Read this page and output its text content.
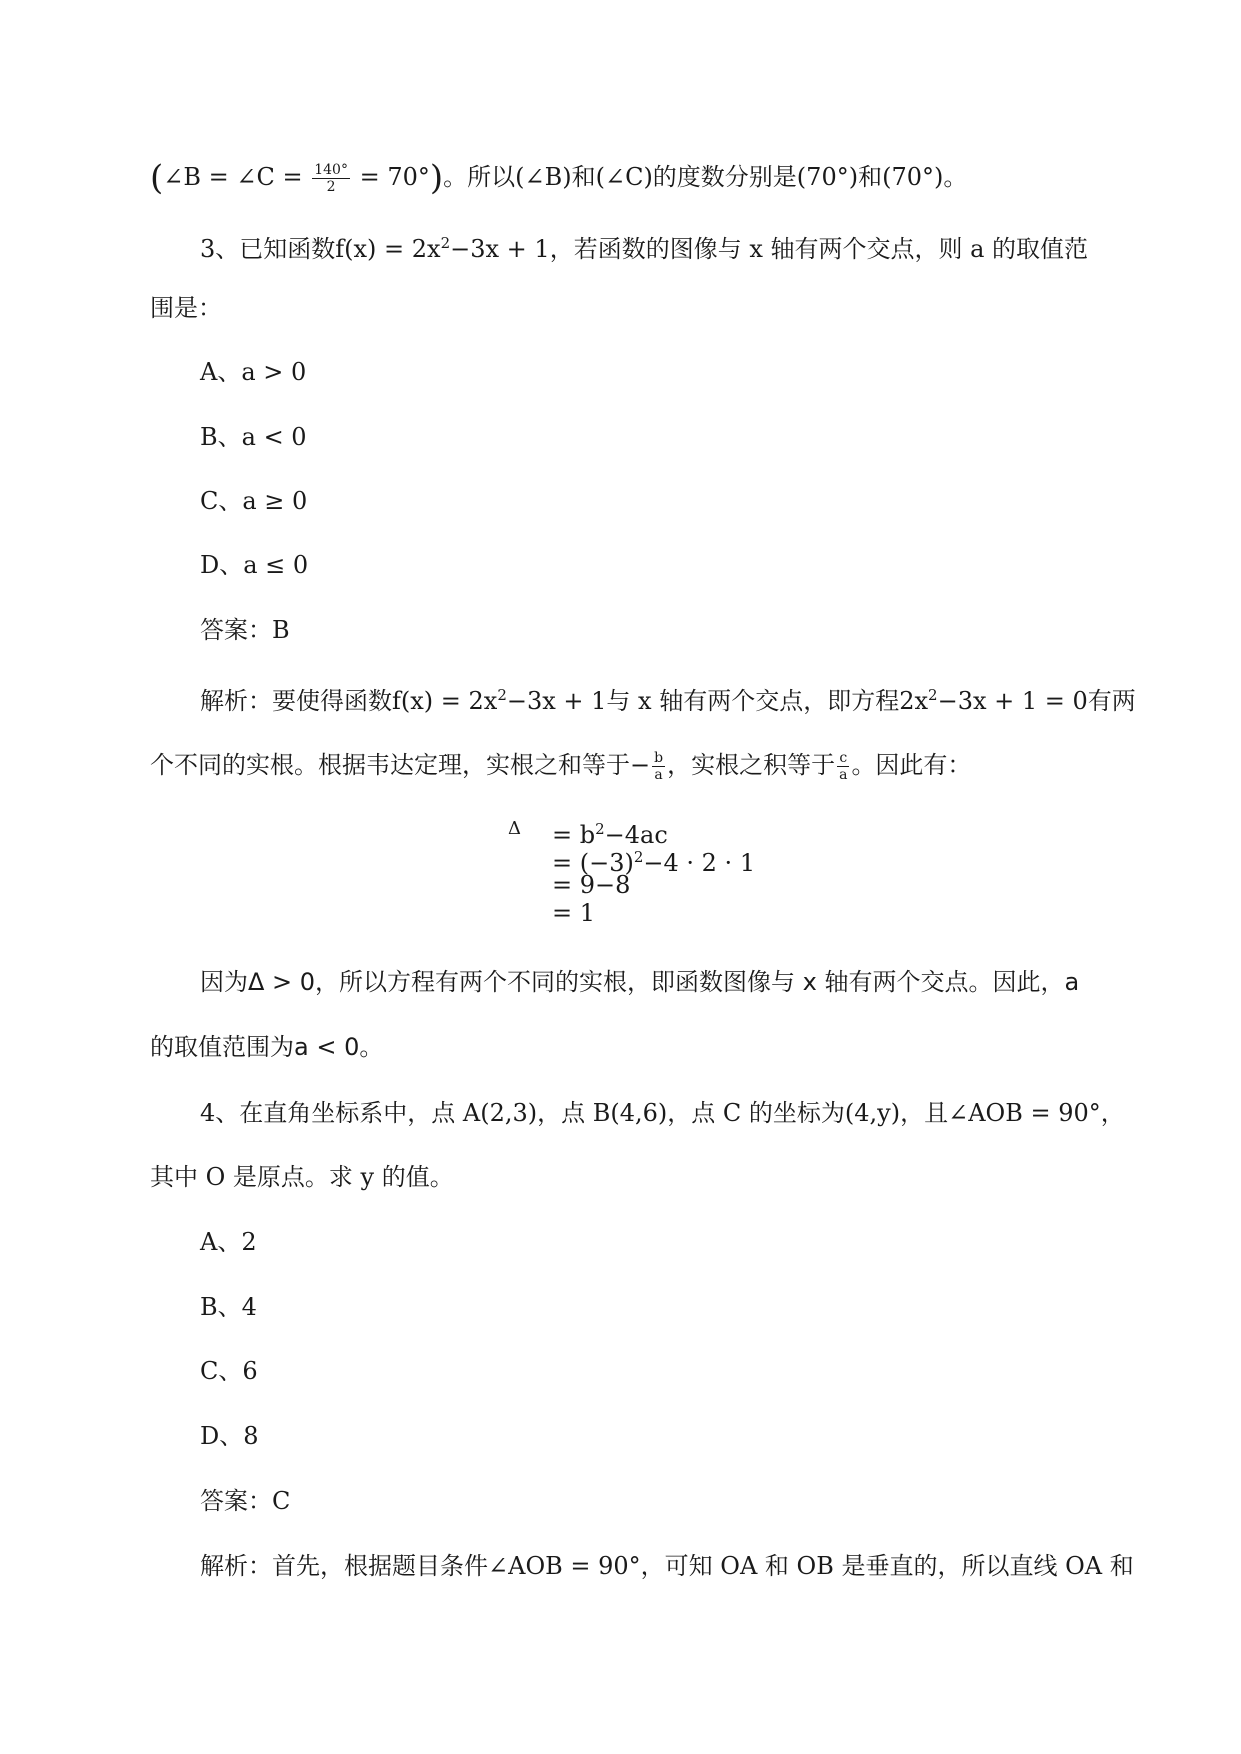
(∠B = ∠C = $\frac{140^\circ}{2} = 70^\circ$)。所以(∠B)和(∠C)的度数分别是(70°)和(70°)。
3、已知函数$f(x) = 2x^2-3x + 1$，若函数的图像与 x 轴有两个交点，则 a 的取值范
围是：
A、a > 0
B、a < 0
C、a ≥ 0
D、a ≤ 0
答案：B
解析：要使得函数$f(x) = 2x^2-3x + 1$与 x 轴有两个交点，即方程$2x^2-3x + 1 = 0$有两
个不同的实根。根据韦达定理，实根之和等于− $\frac{b}{a}$ ，实根之积等于 $\frac{c}{a}$ 。因此有：
$\Delta = b^2-4ac$
= $(-3)^2-4 \cdot 2 \cdot 1$
= 9−8
= 1
因为Δ > 0，所以方程有两个不同的实根，即函数图像与 x 轴有两个交点。因此，a
的取值范围为a < 0。
4、在直角坐标系中，点 A(2,3)，点 B(4,6)，点 C 的坐标为(4,y)，且∠AOB = 90°，
其中 O 是原点。求 y 的值。
A、2
B、4
C、6
D、8
答案：C
解析：首先，根据题目条件∠AOB = 90°，可知 OA 和 OB 是垂直的，所以直线 OA 和
